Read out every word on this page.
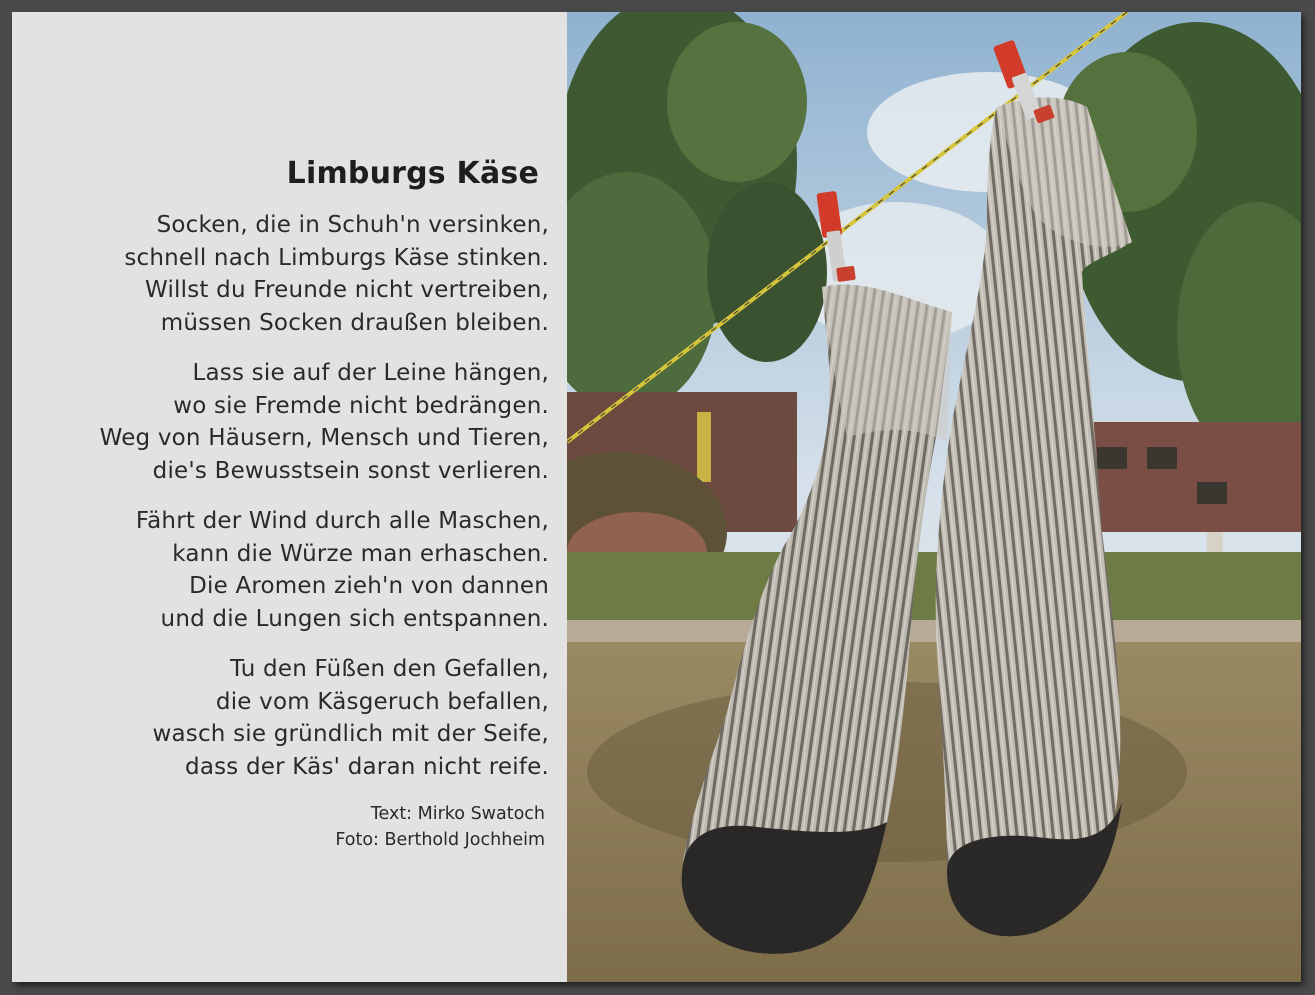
Limburgs Käse
Socken, die in Schuh'n versinken,
schnell nach Limburgs Käse stinken.
Willst du Freunde nicht vertreiben,
müssen Socken draußen bleiben.
Lass sie auf der Leine hängen,
wo sie Fremde nicht bedrängen.
Weg von Häusern, Mensch und Tieren,
die's Bewusstsein sonst verlieren.
Fährt der Wind durch alle Maschen,
kann die Würze man erhaschen.
Die Aromen zieh'n von dannen
und die Lungen sich entspannen.
Tu den Füßen den Gefallen,
die vom Käsgeruch befallen,
wasch sie gründlich mit der Seife,
dass der Käs' daran nicht reife.
Text: Mirko Swatoch
Foto: Berthold Jochheim
